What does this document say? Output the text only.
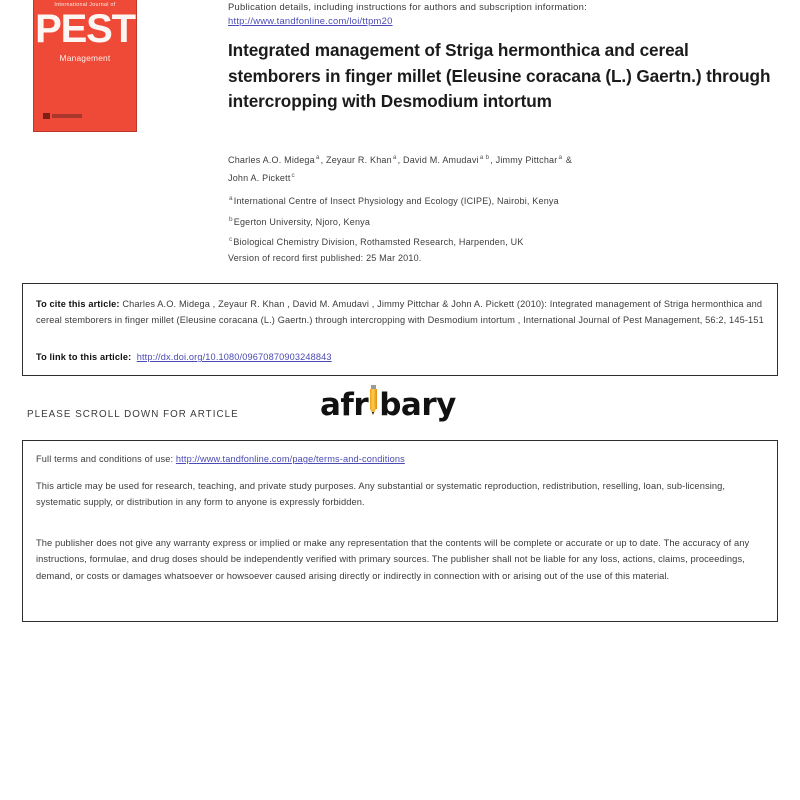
International Journal of
PEST
Management
Publication details, including instructions for authors and subscription information:
http://www.tandfonline.com/loi/ttpm20
Integrated management of Striga hermonthica and cereal stemborers in finger millet (Eleusine coracana (L.) Gaertn.) through intercropping with Desmodium intortum
Charles A.O. Midega$^a$, Zeyaur R. Khan$^a$, David M. Amudavi$^{a b}$, Jimmy Pittchar$^a$ &
John A. Pickett$^c$
$^a$International Centre of Insect Physiology and Ecology (ICIPE), Nairobi, Kenya
$^b$Egerton University, Njoro, Kenya
$^c$Biological Chemistry Division, Rothamsted Research, Harpenden, UK
Version of record first published: 25 Mar 2010.
To cite this article: Charles A.O. Midega , Zeyaur R. Khan , David M. Amudavi , Jimmy Pittchar & John A. Pickett (2010): Integrated management of Striga hermonthica and cereal stemborers in finger millet (Eleusine coracana (L.) Gaertn.) through intercropping with Desmodium intortum , International Journal of Pest Management, 56:2, 145-151
To link to this article: http://dx.doi.org/10.1080/09670870903248843
afr bary
PLEASE SCROLL DOWN FOR ARTICLE
Full terms and conditions of use: http://www.tandfonline.com/page/terms-and-conditions
This article may be used for research, teaching, and private study purposes. Any substantial or systematic reproduction, redistribution, reselling, loan, sub-licensing, systematic supply, or distribution in any form to anyone is expressly forbidden.
The publisher does not give any warranty express or implied or make any representation that the contents will be complete or accurate or up to date. The accuracy of any instructions, formulae, and drug doses should be independently verified with primary sources. The publisher shall not be liable for any loss, actions, claims, proceedings, demand, or costs or damages whatsoever or howsoever caused arising directly or indirectly in connection with or arising out of the use of this material.
